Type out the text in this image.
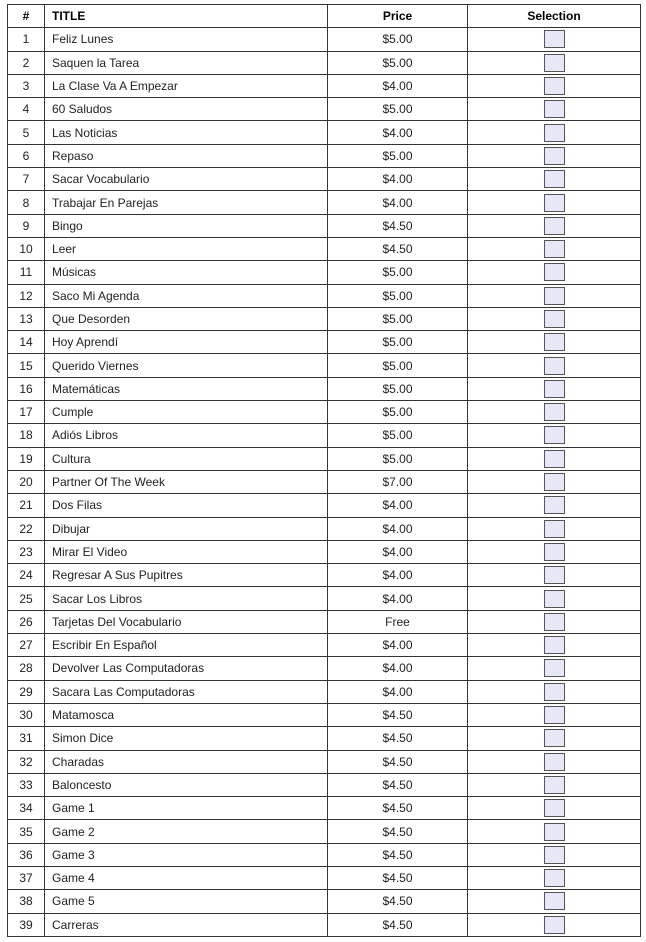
#	TITLE	Price	Selection
1	Feliz Lunes	$5.00	
2	Saquen la Tarea	$5.00	
3	La Clase Va A Empezar	$4.00	
4	60 Saludos	$5.00	
5	Las Noticias	$4.00	
6	Repaso	$5.00	
7	Sacar Vocabulario	$4.00	
8	Trabajar En Parejas	$4.00	
9	Bingo	$4.50	
10	Leer	$4.50	
11	Músicas	$5.00	
12	Saco Mi Agenda	$5.00	
13	Que Desorden	$5.00	
14	Hoy Aprendí	$5.00	
15	Querido Viernes	$5.00	
16	Matemáticas	$5.00	
17	Cumple	$5.00	
18	Adiós Libros	$5.00	
19	Cultura	$5.00	
20	Partner Of The Week	$7.00	
21	Dos Filas	$4.00	
22	Dibujar	$4.00	
23	Mirar El Video	$4.00	
24	Regresar A Sus Pupitres	$4.00	
25	Sacar Los Libros	$4.00	
26	Tarjetas Del Vocabulario	Free	
27	Escribir En Español	$4.00	
28	Devolver Las Computadoras	$4.00	
29	Sacara Las Computadoras	$4.00	
30	Matamosca	$4.50	
31	Simon Dice	$4.50	
32	Charadas	$4.50	
33	Baloncesto	$4.50	
34	Game 1	$4.50	
35	Game 2	$4.50	
36	Game 3	$4.50	
37	Game 4	$4.50	
38	Game 5	$4.50	
39	Carreras	$4.50	
